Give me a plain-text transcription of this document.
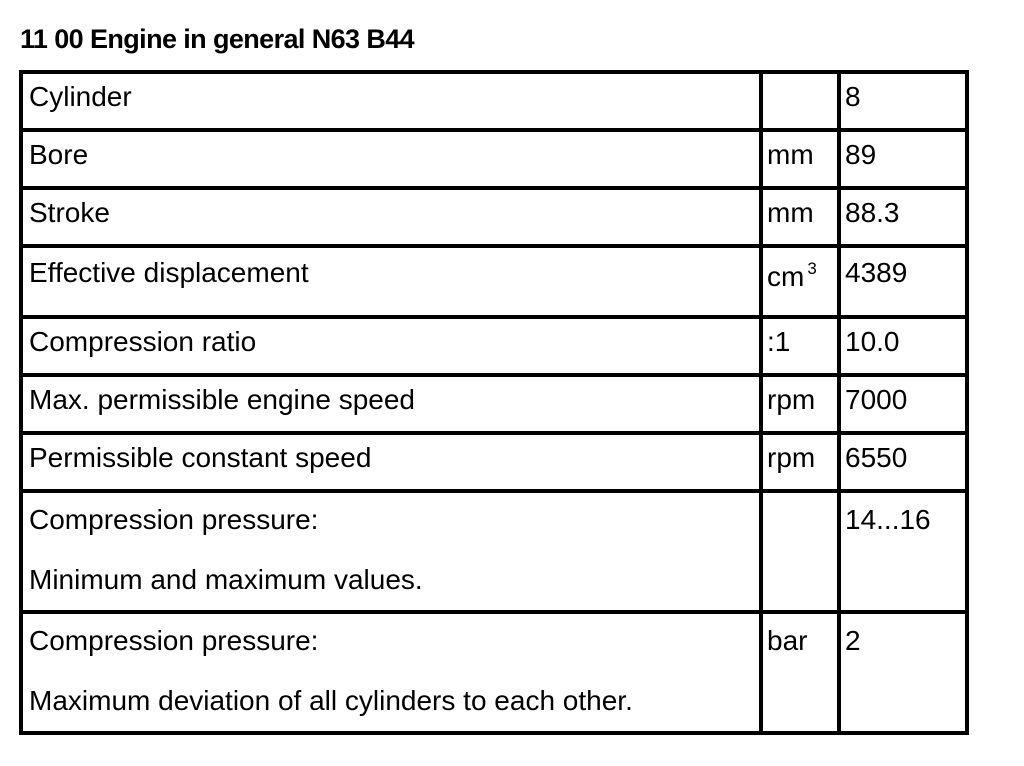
11 00 Engine in general N63 B44
Cylinder		8
Bore	mm	89
Stroke	mm	88.3
Effective displacement	cm $^3$	4389
Compression ratio	:1	10.0
Max. permissible engine speed	rpm	7000
Permissible constant speed	rpm	6550
Compression pressure:
Minimum and maximum values.		14...16
Compression pressure:
Maximum deviation of all cylinders to each other.	bar	2
